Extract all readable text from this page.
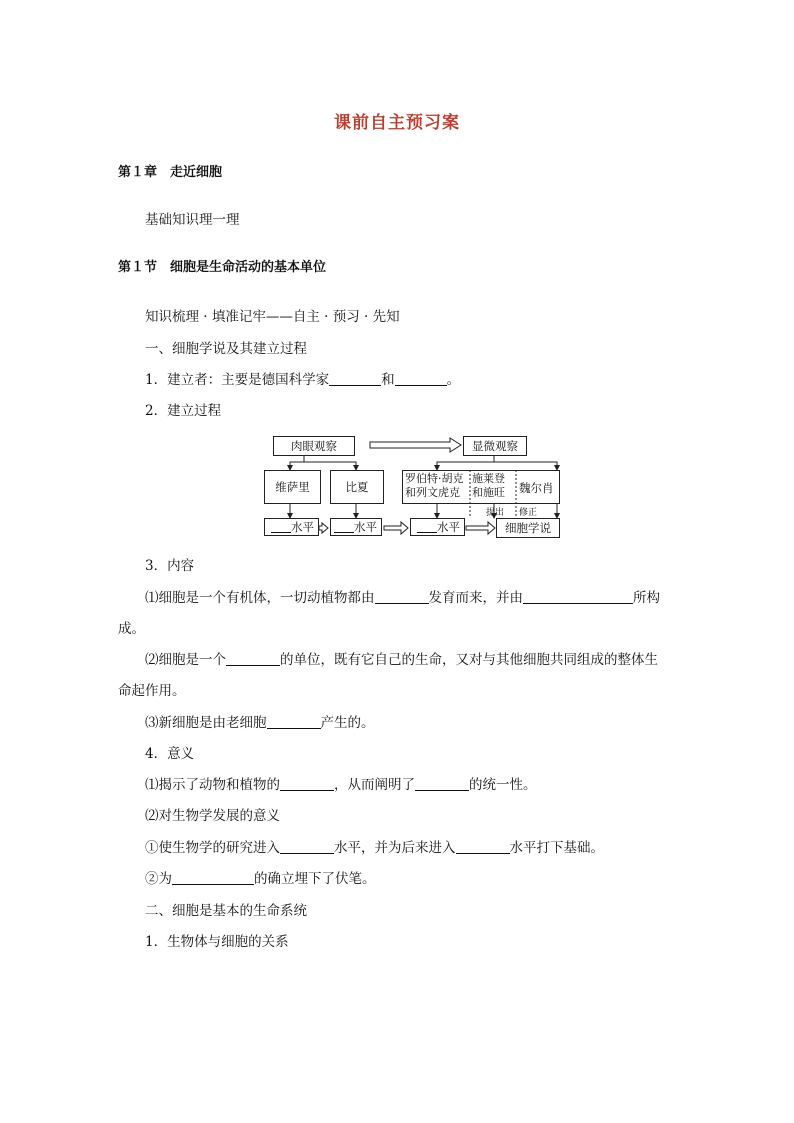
课前自主预习案
第１章　走近细胞
基础知识理一理
第１节　细胞是生命活动的基本单位
知识梳理 · 填准记牢——自主 · 预习 · 先知
一、细胞学说及其建立过程
1．建立者：主要是德国科学家	和	。
2．建立过程
肉眼观察	显微观察
维萨里	比夏
罗伯特·胡克
和列文虎克
施莱登
和施旺 魏尔肖
水平	水平	水平	细胞学说
提出 修正
3．内容
⑴细胞是一个有机体，一切动植物都由	发育而来，并由	所构
成。
⑵细胞是一个	的单位，既有它自己的生命，又对与其他细胞共同组成的整体生
命起作用。
⑶新细胞是由老细胞	产生的。
4．意义
⑴揭示了动物和植物的	，从而阐明了	的统一性。
⑵对生物学发展的意义
①使生物学的研究进入	水平，并为后来进入	水平打下基础。
②为	的确立埋下了伏笔。
二、细胞是基本的生命系统
1．生物体与细胞的关系
